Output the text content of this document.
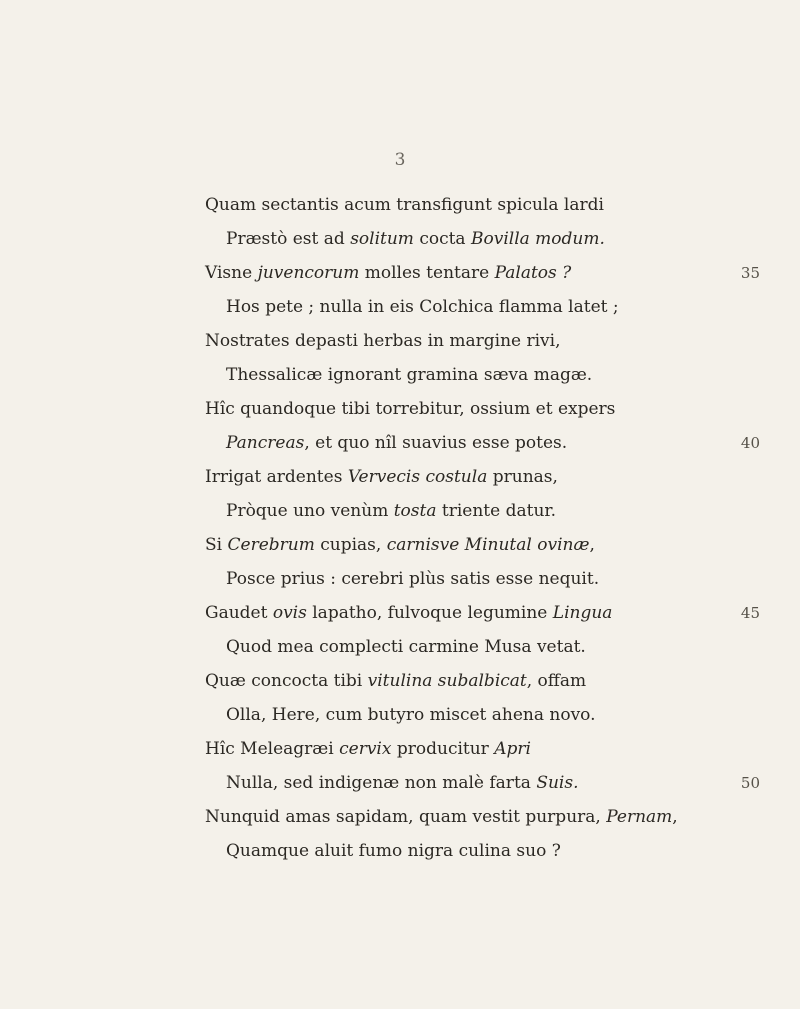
3
Quam sectantis acum transfigunt spicula lardi
Præstò est ad solitum cocta Bovilla modum.
Visne juvencorum molles tentare Palatos ?	35
Hos pete ; nulla in eis Colchica flamma latet ;
Nostrates depasti herbas in margine rivi,
Thessalicæ ignorant gramina sæva magæ.
Hîc quandoque tibi torrebitur, ossium et expers
Pancreas, et quo nîl suavius esse potes.	40
Irrigat ardentes Vervecis costula prunas,
Pròque uno venùm tosta triente datur.
Si Cerebrum cupias, carnisve Minutal ovinæ,
Posce prius : cerebri plùs satis esse nequit.
Gaudet ovis lapatho, fulvoque legumine Lingua	45
Quod mea complecti carmine Musa vetat.
Quæ concocta tibi vitulina subalbicat, offam
Olla, Here, cum butyro miscet ahena novo.
Hîc Meleagræi cervix producitur Apri
Nulla, sed indigenæ non malè farta Suis.	50
Nunquid amas sapidam, quam vestit purpura, Pernam,
Quamque aluit fumo nigra culina suo ?
